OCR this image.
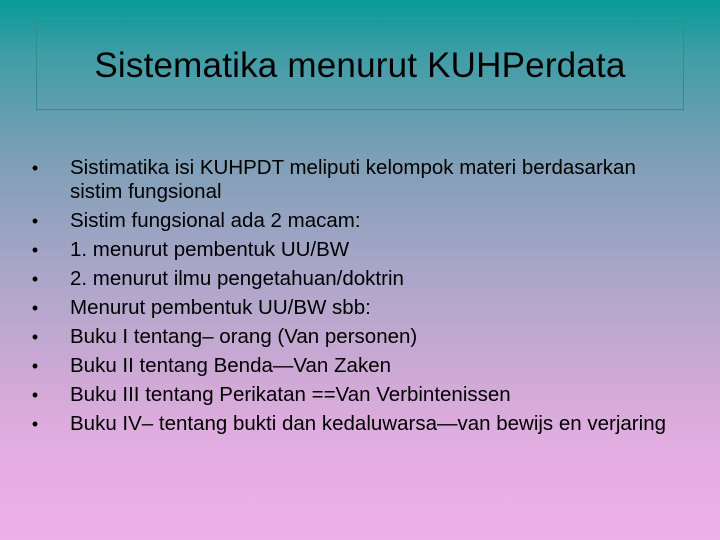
Sistematika menurut KUHPerdata
• Sistimatika isi KUHPDT meliputi kelompok materi berdasarkan sistim fungsional
• Sistim fungsional ada 2 macam:
• 1. menurut pembentuk UU/BW
• 2. menurut ilmu pengetahuan/doktrin
• Menurut pembentuk UU/BW sbb:
• Buku I tentang– orang (Van personen)
• Buku II tentang Benda—Van Zaken
• Buku III tentang Perikatan ==Van Verbintenissen
• Buku IV– tentang bukti dan kedaluwarsa—van bewijs en verjaring
